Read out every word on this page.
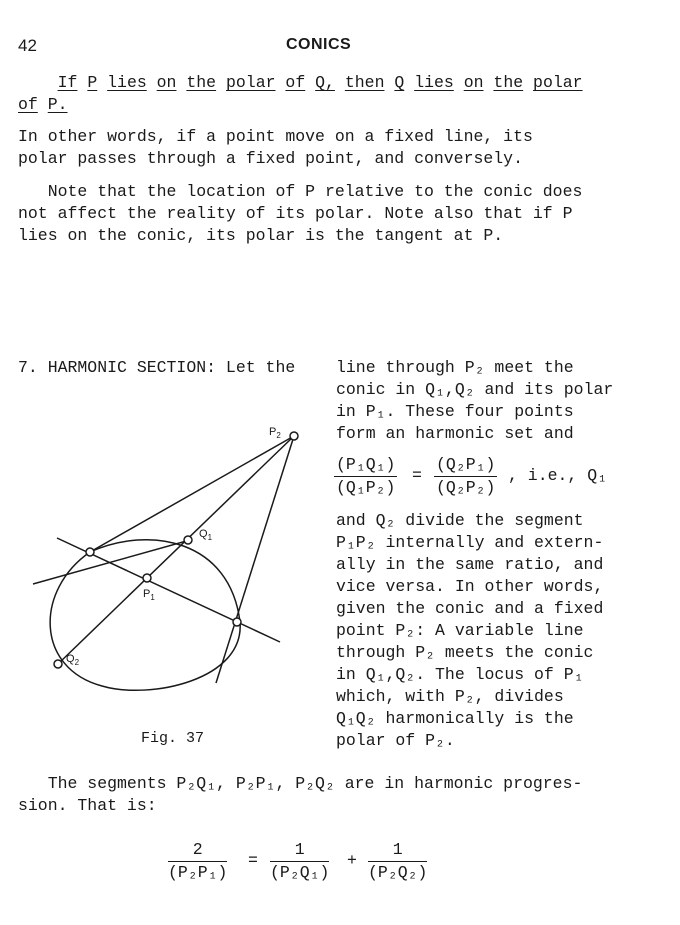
42	CONICS
If P lies on the polar of Q, then Q lies on the polar
of P.
In other words, if a point move on a fixed line, its
polar passes through a fixed point, and conversely.
Note that the location of P relative to the conic does
not affect the reality of its polar. Note also that if P
lies on the conic, its polar is the tangent at P.
7. HARMONIC SECTION: Let the line through P₂ meet the
conic in Q₁,Q₂ and its polar
in P₁. These four points
form an harmonic set and
$\frac{\text{(P₁Q₁)}}{\text{(Q₁P₂)}} = \frac{\text{(Q₂P₁)}}{\text{(Q₂P₂)}}$ , i.e., Q₁
and Q₂ divide the segment
P₁P₂ internally and extern-
ally in the same ratio, and
vice versa. In other words,
given the conic and a fixed
point P₂: A variable line
through P₂ meets the conic
in Q₁,Q₂. The locus of P₁
which, with P₂, divides
Q₁Q₂ harmonically is the
polar of P₂.
$P_2$
$Q_1$
$P_1$
$Q_2$
Fig. 37
The segments P₂Q₁, P₂P₁, P₂Q₂ are in harmonic progres-
sion. That is:
$\frac{2}{\text{(P₂P₁)}} = \frac{1}{\text{(P₂Q₁)}} + \frac{1}{\text{(P₂Q₂)}}$
